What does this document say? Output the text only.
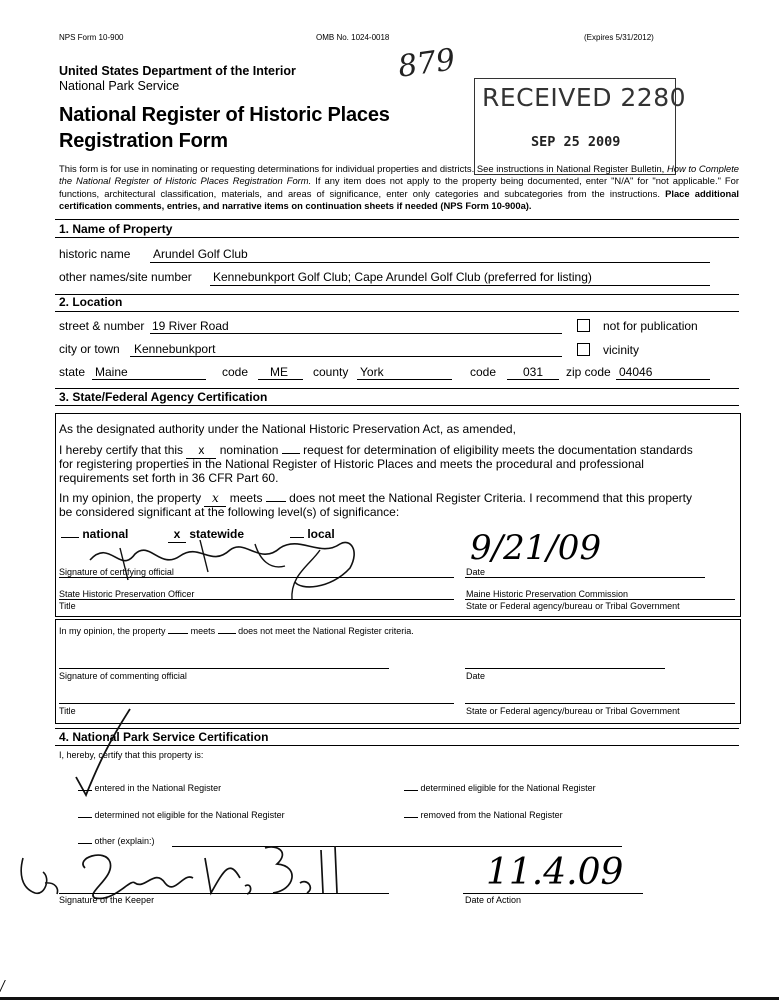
NPS Form 10-900	OMB No. 1024-0018	(Expires 5/31/2012)
United States Department of the Interior
National Park Service
879
National Register of Historic Places
Registration Form
RECEIVED 2280
SEP 25 2009
This form is for use in nominating or requesting determinations for individual properties and districts. See instructions in National Register Bulletin, How to Complete the National Register of Historic Places Registration Form. If any item does not apply to the property being documented, enter "N/A" for "not applicable." For functions, architectural classification, materials, and areas of significance, enter only categories and subcategories from the instructions. Place additional certification comments, entries, and narrative items on continuation sheets if needed (NPS Form 10-900a).
1. Name of Property
historic name Arundel Golf Club
other names/site number Kennebunkport Golf Club; Cape Arundel Golf Club (preferred for listing)
2. Location
street & number 19 River Road	not for publication
city or town Kennebunkport	vicinity
state Maine	code ME county York	code 031 zip code 04046
3. State/Federal Agency Certification
As the designated authority under the National Historic Preservation Act, as amended,
I hereby certify that this x nomination request for determination of eligibility meets the documentation standards
for registering properties in the National Register of Historic Places and meets the procedural and professional
requirements set forth in 36 CFR Part 60.
In my opinion, the property x meets does not meet the National Register Criteria. I recommend that this property
be considered significant at the following level(s) of significance:
national	x statewide	local
Signature of certifying official
9/21/09
Date
State Historic Preservation Officer
Title
Maine Historic Preservation Commission
State or Federal agency/bureau or Tribal Government
In my opinion, the property	meets	does not meet the National Register criteria.
Signature of commenting official	Date
Title	State or Federal agency/bureau or Tribal Government
4. National Park Service Certification
I, hereby, certify that this property is:
entered in the National Register	determined eligible for the National Register
determined not eligible for the National Register	removed from the National Register
other (explain:)
Signature of the Keeper
11.4.09
Date of Action
